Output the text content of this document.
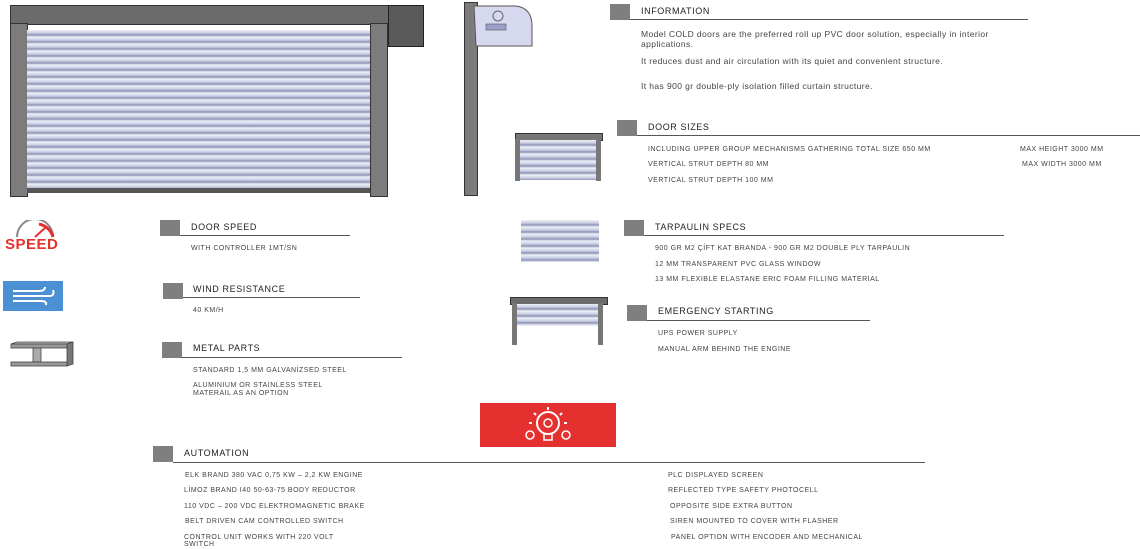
INFORMATION
Model COLD doors are the preferred roll up PVC door solution, especially in interior applications.
It reduces dust and air circulation with its quiet and convenient structure.
It has 900 gr double-ply isolation filled curtain structure.
DOOR SIZES
INCLUDING UPPER GROUP MECHANISMS GATHERING TOTAL SIZE 650 MM
VERTICAL STRUT DEPTH 80 MM
VERTICAL STRUT DEPTH 100 MM
MAX HEIGHT 3000 MM
MAX WIDTH 3000 MM
SPEED
DOOR SPEED
WITH CONTROLLER 1MT/SN
TARPAULIN SPECS
900 GR M2 ÇİFT KAT BRANDA - 900 GR M2 DOUBLE PLY TARPAULIN
12 MM TRANSPARENT PVC GLASS WINDOW
13 MM FLEXIBLE ELASTANE ERIC FOAM FILLING MATERIAL
WIND RESISTANCE
40 KM/H	EMERGENCY STARTING
UPS POWER SUPPLY
MANUAL ARM BEHIND THE ENGINE
METAL PARTS
STANDARD 1,5 MM GALVANİZSED STEEL
ALUMINIUM OR STAINLESS STEEL
MATERAIL AS AN OPTION
AUTOMATION
ELK BRAND 380 VAC 0,75 KW – 2,2 KW ENGINE
LİMOZ BRAND I40 50-63-75 BODY REDUCTOR
110 VDC – 200 VDC ELEKTROMAGNETIC BRAKE
BELT DRIVEN CAM CONTROLLED SWITCH
CONTROL UNIT WORKS WITH 220 VOLT
SWITCH
PLC DISPLAYED SCREEN
REFLECTED TYPE SAFETY PHOTOCELL
OPPOSITE SIDE EXTRA BUTTON
SIREN MOUNTED TO COVER WITH FLASHER
PANEL OPTION WITH ENCODER AND MECHANICAL
